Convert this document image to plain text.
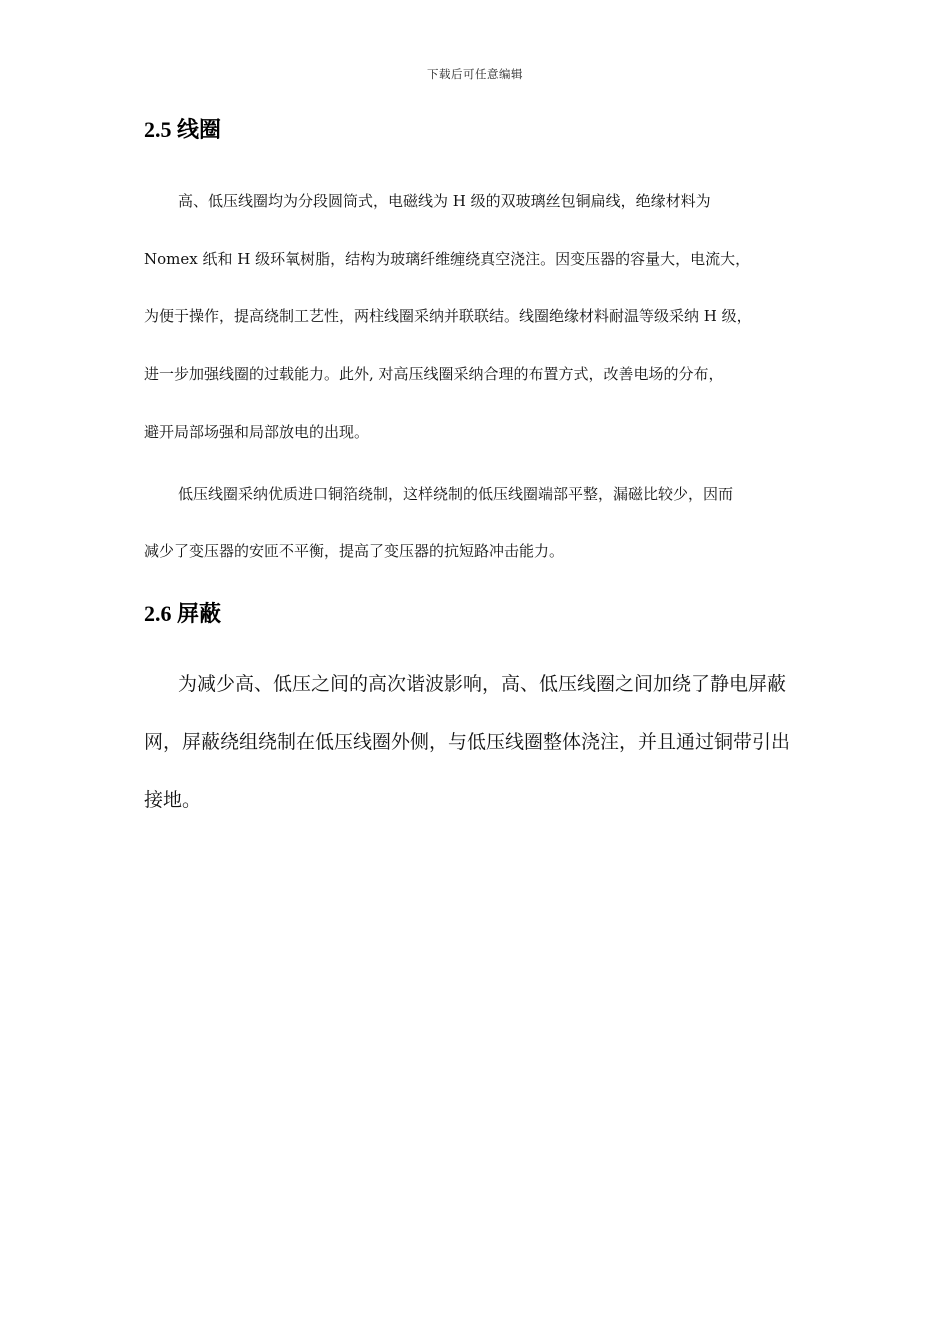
下载后可任意编辑
2.5 线圈
高、低压线圈均为分段圆筒式，电磁线为 H 级的双玻璃丝包铜扁线，绝缘材料为
Nomex 纸和 H 级环氧树脂，结构为玻璃纤维缠绕真空浇注。因变压器的容量大，电流大，
为便于操作，提高绕制工艺性，两柱线圈采纳并联联结。线圈绝缘材料耐温等级采纳 H 级，
进一步加强线圈的过载能力。此外, 对高压线圈采纳合理的布置方式，改善电场的分布，
避开局部场强和局部放电的出现。
低压线圈采纳优质进口铜箔绕制，这样绕制的低压线圈端部平整，漏磁比较少，因而
减少了变压器的安匝不平衡，提高了变压器的抗短路冲击能力。
2.6 屏蔽
为减少高、低压之间的高次谐波影响，高、低压线圈之间加绕了静电屏蔽
网，屏蔽绕组绕制在低压线圈外侧，与低压线圈整体浇注，并且通过铜带引出
接地。
